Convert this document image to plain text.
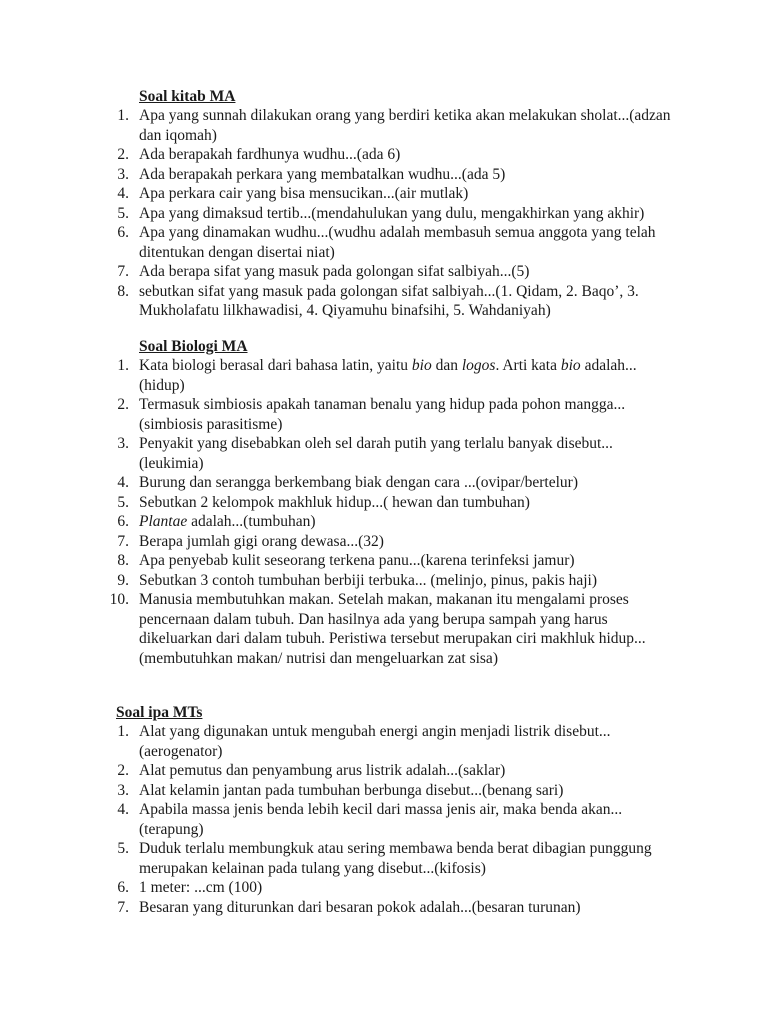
Soal kitab MA
1. Apa yang sunnah dilakukan orang yang berdiri ketika akan melakukan sholat...(adzan dan iqomah)
2. Ada berapakah fardhunya wudhu...(ada 6)
3. Ada berapakah perkara yang membatalkan wudhu...(ada 5)
4. Apa perkara cair yang bisa mensucikan...(air mutlak)
5. Apa yang dimaksud tertib...(mendahulukan yang dulu, mengakhirkan yang akhir)
6. Apa yang dinamakan wudhu...(wudhu adalah membasuh semua anggota yang telah ditentukan dengan disertai niat)
7. Ada berapa sifat yang masuk pada golongan sifat salbiyah...(5)
8. sebutkan sifat yang masuk pada golongan sifat salbiyah...(1. Qidam, 2. Baqo’, 3. Mukholafatu lilkhawadisi, 4. Qiyamuhu binafsihi, 5. Wahdaniyah)
Soal Biologi MA
1. Kata biologi berasal dari bahasa latin, yaitu bio dan logos. Arti kata bio adalah... (hidup)
2. Termasuk simbiosis apakah tanaman benalu yang hidup pada pohon mangga... (simbiosis parasitisme)
3. Penyakit yang disebabkan oleh sel darah putih yang terlalu banyak disebut... (leukimia)
4. Burung dan serangga berkembang biak dengan cara ...(ovipar/bertelur)
5. Sebutkan 2 kelompok makhluk hidup...( hewan dan tumbuhan)
6. Plantae adalah...(tumbuhan)
7. Berapa jumlah gigi orang dewasa...(32)
8. Apa penyebab kulit seseorang terkena panu...(karena terinfeksi jamur)
9. Sebutkan 3 contoh tumbuhan berbiji terbuka... (melinjo, pinus, pakis haji)
10. Manusia membutuhkan makan. Setelah makan, makanan itu mengalami proses pencernaan dalam tubuh. Dan hasilnya ada yang berupa sampah yang harus dikeluarkan dari dalam tubuh. Peristiwa tersebut merupakan ciri makhluk hidup... (membutuhkan makan/ nutrisi dan mengeluarkan zat sisa)
Soal ipa MTs
1. Alat yang digunakan untuk mengubah energi angin menjadi listrik disebut... (aerogenator)
2. Alat pemutus dan penyambung arus listrik adalah...(saklar)
3. Alat kelamin jantan pada tumbuhan berbunga disebut...(benang sari)
4. Apabila massa jenis benda lebih kecil dari massa jenis air, maka benda akan... (terapung)
5. Duduk terlalu membungkuk atau sering membawa benda berat dibagian punggung merupakan kelainan pada tulang yang disebut...(kifosis)
6. 1 meter: ...cm (100)
7. Besaran yang diturunkan dari besaran pokok adalah...(besaran turunan)
